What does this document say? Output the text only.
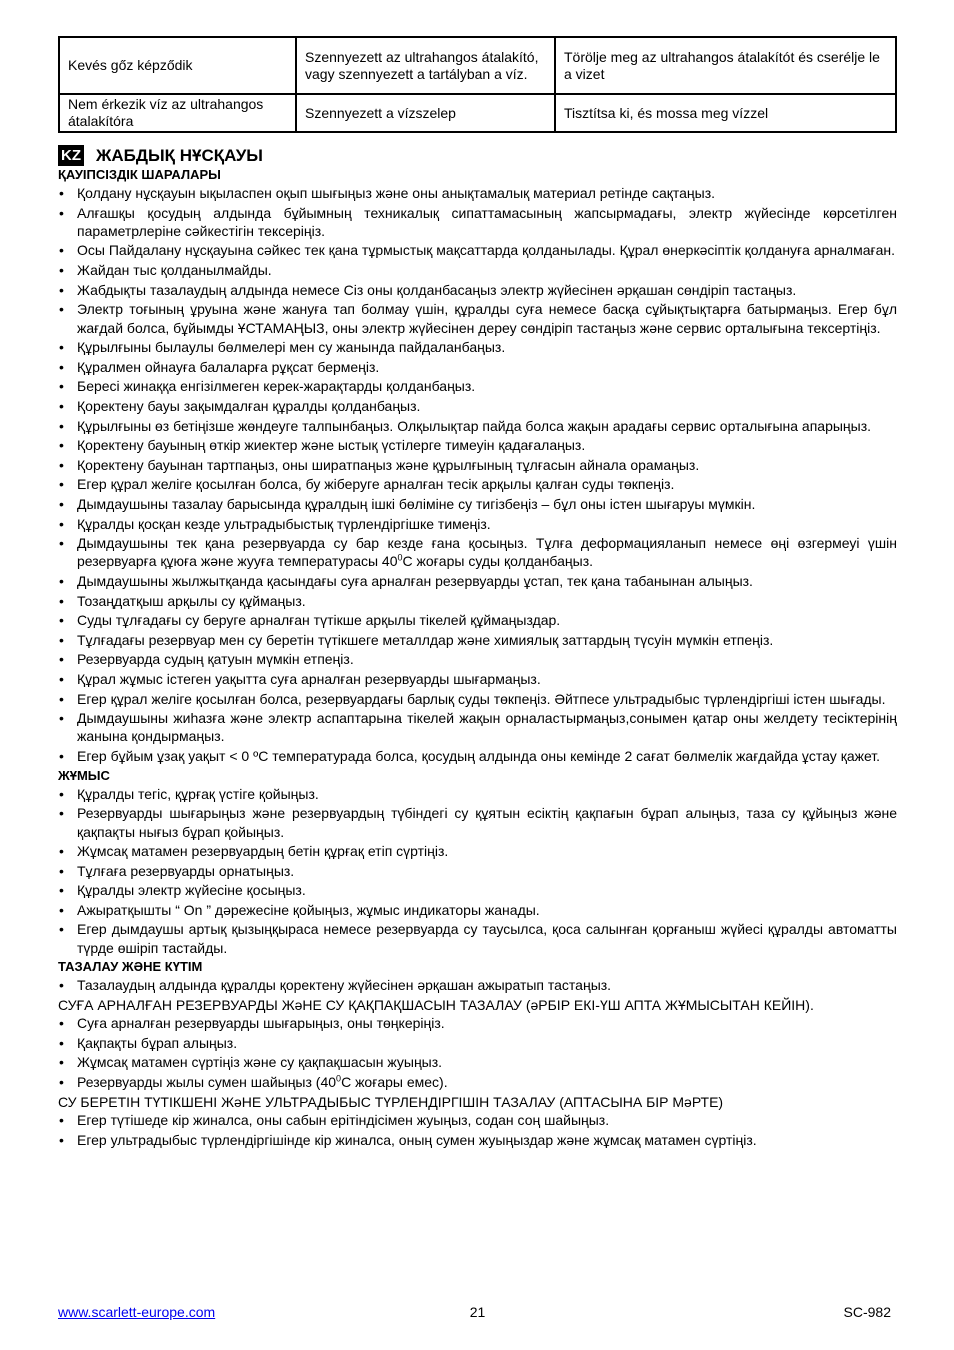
Kevés gőz képződik	Szennyezett az ultrahangos átalakító, vagy szennyezett a tartályban a víz.	Törölje meg az ultrahangos átalakítót és cserélje le a vizet
Nem érkezik víz az ultrahangos átalakítóra	Szennyezett a vízszelep	Tisztítsa ki, és mossa meg vízzel
KZ ЖАБДЫҚ НҰСҚАУЫ
ҚАУІПСІЗДІК ШАРАЛАРЫ
• Қолдану нұсқауын ықыласпен оқып шығыңыз және оны анықтамалық материал ретінде сақтаңыз.
• Алғашқы қосудың алдында бұйымның техникалық сипаттамасының жапсырмадағы, электр жүйесінде көрсетілген параметрлеріне сәйкестігін тексеріңіз.
• Осы Пайдалану нұсқауына сәйкес тек қана тұрмыстық мақсаттарда қолданылады. Құрал өнеркәсіптік қолдануға арналмаған.
• Жайдан тыс қолданылмайды.
• Жабдықты тазалаудың алдында немесе Сіз оны қолданбасаңыз электр жүйесінен әрқашан сөндіріп тастаңыз.
• Электр тоғының ұруына және жануға тап болмау үшін, құралды суға немесе басқа сұйықтықтарға батырмаңыз. Егер бұл жағдай болса, бұйымды ҰСТАМАҢЫЗ, оны электр жүйесінен дереу сөндіріп тастаңыз және сервис орталығына тексертіңіз.
• Құрылғыны былаулы бөлмелері мен су жанында пайдаланбаңыз.
• Құралмен ойнауға балаларға рұқсат бермеңіз.
• Бересі жинаққа енгізілмеген керек-жарақтарды қолданбаңыз.
• Қоректену бауы зақымдалған құралды қолданбаңыз.
• Құрылғыны өз бетіңізше жөндеуге талпынбаңыз. Олқылықтар пайда болса жақын арадағы сервис орталығына апарыңыз.
• Қоректену бауының өткір жиектер және ыстық үстілерге тимеуін қадағалаңыз.
• Қоректену бауынан тартпаңыз, оны ширатпаңыз және құрылғының тұлғасын айнала орамаңыз.
• Егер құрал желіге қосылған болса, бу жіберуге арналған тесік арқылы қалған суды төкпеңіз.
• Дымдаушыны тазалау барысында құралдың ішкі бөліміне су тигізбеңіз – бұл оны істен шығаруы мүмкін.
• Құралды қосқан кезде ультрадыбыстық түрлендіргішке тимеңіз.
• Дымдаушыны тек қана резервуарда су бар кезде ғана қосыңыз. Тұлға деформацияланып немесе өңі өзгермеуі үшін резервуарға құюға және жууға температурасы $40^0С$ жоғары суды қолданбаңыз.
• Дымдаушыны жылжытқанда қасындағы суға арналған резервуарды ұстап, тек қана табанынан алыңыз.
• Тозаңдатқыш арқылы су құймаңыз.
• Суды тұлғадағы су беруге арналған түтікше арқылы тікелей құймаңыздар.
• Тұлғадағы резервуар мен су беретін түтікшеге металлдар және химиялық заттардың түсуін мүмкін етпеңіз.
• Резервуарда судың қатуын мүмкін етпеңіз.
• Құрал жұмыс істеген уақытта суға арналған резервуарды шығармаңыз.
• Егер құрал желіге қосылған болса, резервуардағы барлық суды төкпеңіз. Әйтпесе ультрадыбыс түрлендіргіші істен шығады.
• Дымдаушыны жиһазға және электр аспаптарына тікелей жақын орналастырмаңыз,сонымен қатар оны желдету тесіктерінің жанына қондырмаңыз.
• Егер бұйым ұзақ уақыт < 0 ºC температурада болса, қосудың алдында оны кемінде 2 сағат бөлмелік жағдайда ұстау қажет.
ЖҰМЫС
• Құралды тегіс, құрғақ үстіге қойыңыз.
• Резервуарды шығарыңыз және резервуардың түбіндегі су құятын есіктің қақпағын бұрап алыңыз, таза су құйыңыз және қақпақты нығыз бұрап қойыңыз.
• Жұмсақ матамен резервуардың бетін құрғақ етіп сүртіңіз.
• Тұлғаға резервуарды орнатыңыз.
• Құралды электр жүйесіне қосыңыз.
• Ажыратқышты “ On ” дәрежесіне қойыңыз, жұмыс индикаторы жанады.
• Егер дымдаушы артық қызыңқыраса немесе резервуарда су таусылса, қоса салынған қорғаныш жүйесі құралды автоматты түрде өшіріп тастайды.
ТАЗАЛАУ ЖӘНЕ КҮТІМ
• Тазалаудың алдында құралды қоректену жүйесінен әрқашан ажыратып тастаңыз.
СУҒА АРНАЛҒАН РЕЗЕРВУАРДЫ ЖәНЕ СУ ҚАҚПАҚШАСЫН ТАЗАЛАУ (әРБІР ЕКІ-ҮШ АПТА ЖҰМЫСЫТАН КЕЙІН).
• Суға арналған резервуарды шығарыңыз, оны төңкеріңіз.
• Қақпақты бұрап алыңыз.
• Жұмсақ матамен сүртіңіз және су қақпақшасын жуыңыз.
• Резервуарды жылы сумен шайыңыз ($40^0С$ жоғары емес).
СУ БЕРЕТІН ТҮТІКШЕНІ ЖәНЕ УЛЬТРАДЫБЫС ТҮРЛЕНДІРГІШІН ТАЗАЛАУ (АПТАСЫНА БІР МәРТЕ)
• Егер түтішеде кір жиналса, оны сабын ерітіндісімен жуыңыз, содан соң шайыңыз.
• Егер ультрадыбыс түрлендіргішінде кір жиналса, оның сумен жуыңыздар және жұмсақ матамен сүртіңіз.
21
www.scarlett-europe.com	SC-982
